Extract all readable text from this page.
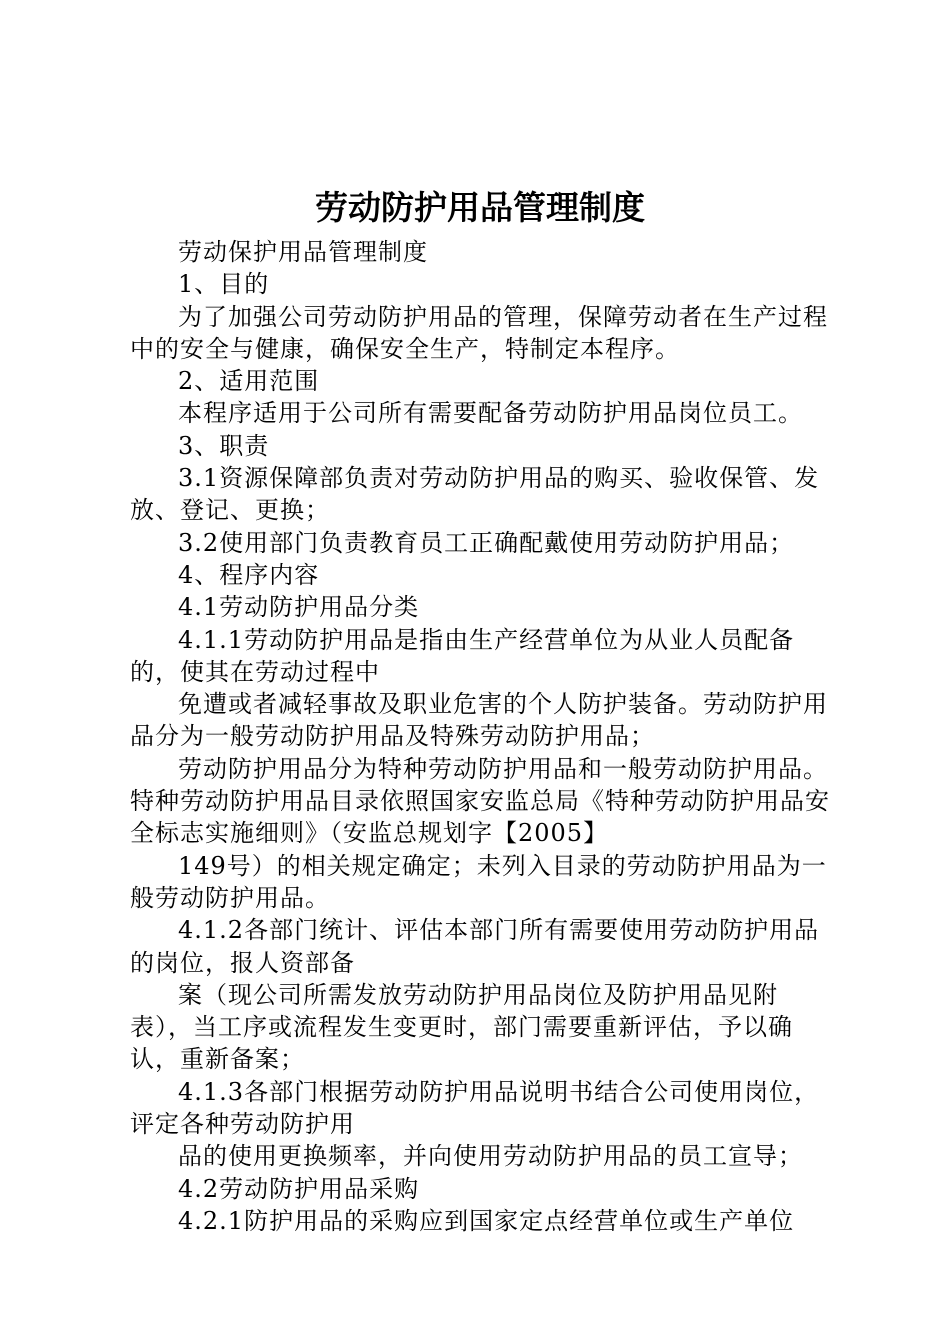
劳动防护用品管理制度

劳动保护用品管理制度

1、目的

为了加强公司劳动防护用品的管理，保障劳动者在生产过程中的安全与健康，确保安全生产，特制定本程序。

2、适用范围

本程序适用于公司所有需要配备劳动防护用品岗位员工。

3、职责

3.1资源保障部负责对劳动防护用品的购买、验收保管、发放、登记、更换；

3.2使用部门负责教育员工正确配戴使用劳动防护用品；

4、程序内容

4.1劳动防护用品分类

4.1.1劳动防护用品是指由生产经营单位为从业人员配备的，使其在劳动过程中

免遭或者减轻事故及职业危害的个人防护装备。劳动防护用品分为一般劳动防护用品及特殊劳动防护用品；

劳动防护用品分为特种劳动防护用品和一般劳动防护用品。特种劳动防护用品目录依照国家安监总局《特种劳动防护用品安全标志实施细则》（安监总规划字【2005】

149号）的相关规定确定；未列入目录的劳动防护用品为一般劳动防护用品。

4.1.2各部门统计、评估本部门所有需要使用劳动防护用品的岗位，报人资部备

案（现公司所需发放劳动防护用品岗位及防护用品见附表），当工序或流程发生变更时，部门需要重新评估，予以确认，重新备案；

4.1.3各部门根据劳动防护用品说明书结合公司使用岗位，评定各种劳动防护用

品的使用更换频率，并向使用劳动防护用品的员工宣导；

4.2劳动防护用品采购

4.2.1防护用品的采购应到国家定点经营单位或生产单位
